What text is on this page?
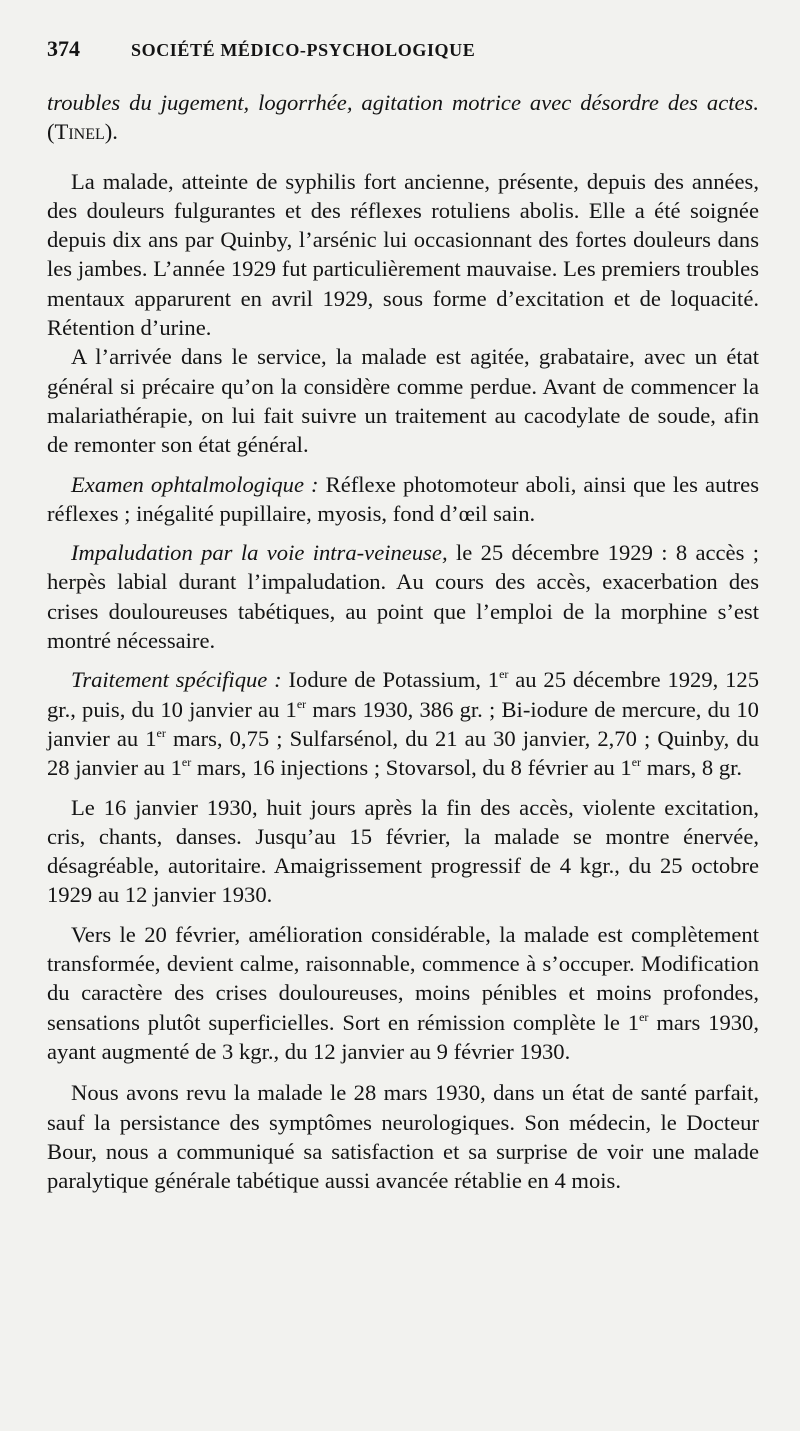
374	SOCIÉTÉ MÉDICO-PSYCHOLOGIQUE

troubles du jugement, logorrhée, agitation motrice avec désordre des actes. (Tinel).

La malade, atteinte de syphilis fort ancienne, présente, depuis des années, des douleurs fulgurantes et des réflexes rotuliens abolis. Elle a été soignée depuis dix ans par Quinby, l’arsénic lui occasionnant des fortes douleurs dans les jambes. L’année 1929 fut particulièrement mauvaise. Les premiers troubles mentaux apparurent en avril 1929, sous forme d’excitation et de loquacité. Rétention d’urine.

A l’arrivée dans le service, la malade est agitée, grabataire, avec un état général si précaire qu’on la considère comme perdue. Avant de commencer la malariathérapie, on lui fait suivre un traitement au cacodylate de soude, afin de remonter son état général.

Examen ophtalmologique : Réflexe photomoteur aboli, ainsi que les autres réflexes ; inégalité pupillaire, myosis, fond d’œil sain.

Impaludation par la voie intra-veineuse, le 25 décembre 1929 : 8 accès ; herpès labial durant l’impaludation. Au cours des accès, exacerbation des crises douloureuses tabétiques, au point que l’emploi de la morphine s’est montré nécessaire.

Traitement spécifique : Iodure de Potassium, 1er au 25 décembre 1929, 125 gr., puis, du 10 janvier au 1er mars 1930, 386 gr. ; Bi-iodure de mercure, du 10 janvier au 1er mars, 0,75 ; Sulfarsénol, du 21 au 30 janvier, 2,70 ; Quinby, du 28 janvier au 1er mars, 16 injections ; Stovarsol, du 8 février au 1er mars, 8 gr.

Le 16 janvier 1930, huit jours après la fin des accès, violente excitation, cris, chants, danses. Jusqu’au 15 février, la malade se montre énervée, désagréable, autoritaire. Amaigrissement progressif de 4 kgr., du 25 octobre 1929 au 12 janvier 1930.

Vers le 20 février, amélioration considérable, la malade est complètement transformée, devient calme, raisonnable, commence à s’occuper. Modification du caractère des crises douloureuses, moins pénibles et moins profondes, sensations plutôt superficielles. Sort en rémission complète le 1er mars 1930, ayant augmenté de 3 kgr., du 12 janvier au 9 février 1930.

Nous avons revu la malade le 28 mars 1930, dans un état de santé parfait, sauf la persistance des symptômes neurologiques. Son médecin, le Docteur Bour, nous a communiqué sa satisfaction et sa surprise de voir une malade paralytique générale tabétique aussi avancée rétablie en 4 mois.
